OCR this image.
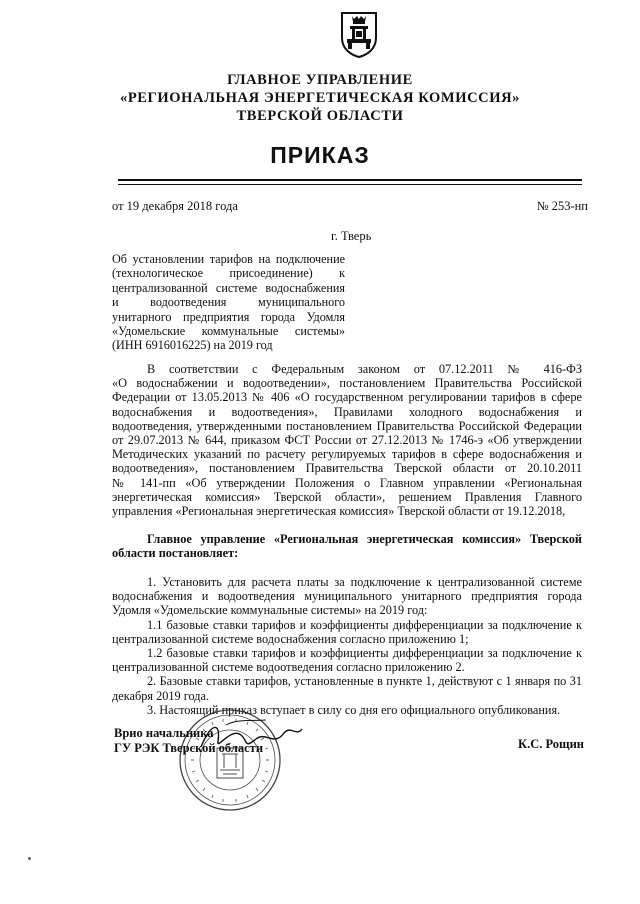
ГЛАВНОЕ УПРАВЛЕНИЕ
«РЕГИОНАЛЬНАЯ ЭНЕРГЕТИЧЕСКАЯ КОМИССИЯ»
ТВЕРСКОЙ ОБЛАСТИ
ПРИКАЗ
от 19 декабря 2018 года	№ 253-нп
г. Тверь
Об установлении тарифов на подключение
(технологическое присоединение) к
централизованной системе водоснабжения
и водоотведения муниципального
унитарного предприятия города Удомля
«Удомельские коммунальные системы»
(ИНН 6916016225) на 2019 год
В соответствии с Федеральным законом от 07.12.2011 № 416-ФЗ
«О водоснабжении и водоотведении», постановлением Правительства Российской
Федерации от 13.05.2013 № 406 «О государственном регулировании тарифов в сфере
водоснабжения и водоотведения», Правилами холодного водоснабжения и
водоотведения, утвержденными постановлением Правительства Российской Федерации
от 29.07.2013 № 644, приказом ФСТ России от 27.12.2013 № 1746-э «Об утверждении
Методических указаний по расчету регулируемых тарифов в сфере водоснабжения и
водоотведения», постановлением Правительства Тверской области от 20.10.2011
№ 141-пп «Об утверждении Положения о Главном управлении «Региональная
энергетическая комиссия» Тверской области», решением Правления Главного
управления «Региональная энергетическая комиссия» Тверской области от 19.12.2018,
Главное управление «Региональная энергетическая комиссия» Тверской
области постановляет:
1. Установить для расчета платы за подключение к централизованной системе
водоснабжения и водоотведения муниципального унитарного предприятия города
Удомля «Удомельские коммунальные системы» на 2019 год:
1.1 базовые ставки тарифов и коэффициенты дифференциации за подключение к
централизованной системе водоснабжения согласно приложению 1;
1.2 базовые ставки тарифов и коэффициенты дифференциации за подключение к
централизованной системе водоотведения согласно приложению 2.
2. Базовые ставки тарифов, установленные в пункте 1, действуют с 1 января по 31
декабря 2019 года.
3. Настоящий приказ вступает в силу со дня его официального опубликования.
Врио начальника
ГУ РЭК Тверской области	К.С. Рощин
